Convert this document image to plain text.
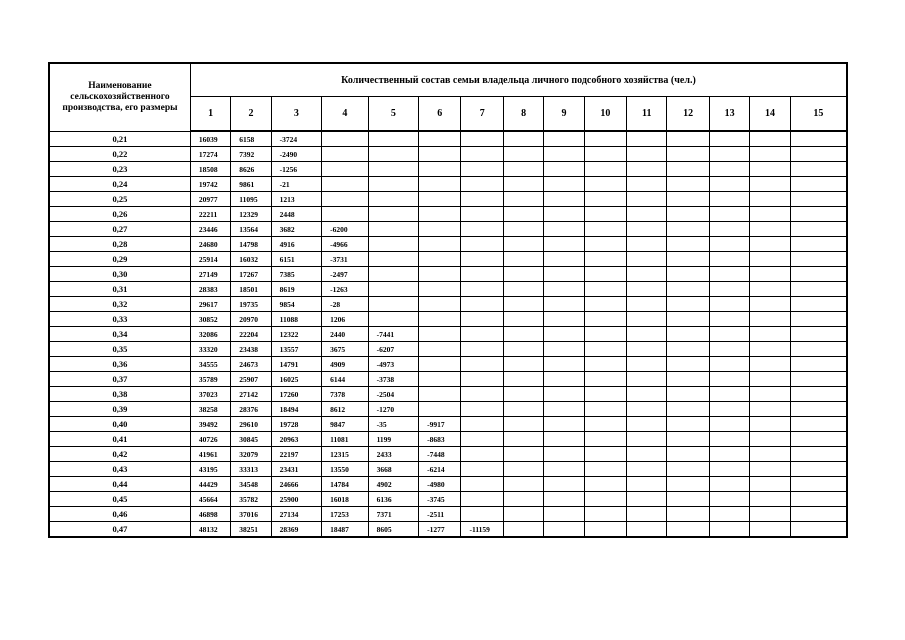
Наименование сельскохозяйственного производства, его размеры	Количественный состав семьи владельца личного подсобного хозяйства (чел.)														
	1	2	3	4	5	6	7	8	9	10	11	12	13	14	15
0,21	16039	6158	-3724												
0,22	17274	7392	-2490												
0,23	18508	8626	-1256												
0,24	19742	9861	-21												
0,25	20977	11095	1213												
0,26	22211	12329	2448												
0,27	23446	13564	3682	-6200											
0,28	24680	14798	4916	-4966											
0,29	25914	16032	6151	-3731											
0,30	27149	17267	7385	-2497											
0,31	28383	18501	8619	-1263											
0,32	29617	19735	9854	-28											
0,33	30852	20970	11088	1206											
0,34	32086	22204	12322	2440	-7441										
0,35	33320	23438	13557	3675	-6207										
0,36	34555	24673	14791	4909	-4973										
0,37	35789	25907	16025	6144	-3738										
0,38	37023	27142	17260	7378	-2504										
0,39	38258	28376	18494	8612	-1270										
0,40	39492	29610	19728	9847	-35	-9917									
0,41	40726	30845	20963	11081	1199	-8683									
0,42	41961	32079	22197	12315	2433	-7448									
0,43	43195	33313	23431	13550	3668	-6214									
0,44	44429	34548	24666	14784	4902	-4980									
0,45	45664	35782	25900	16018	6136	-3745									
0,46	46898	37016	27134	17253	7371	-2511									
0,47	48132	38251	28369	18487	8605	-1277	-11159								
